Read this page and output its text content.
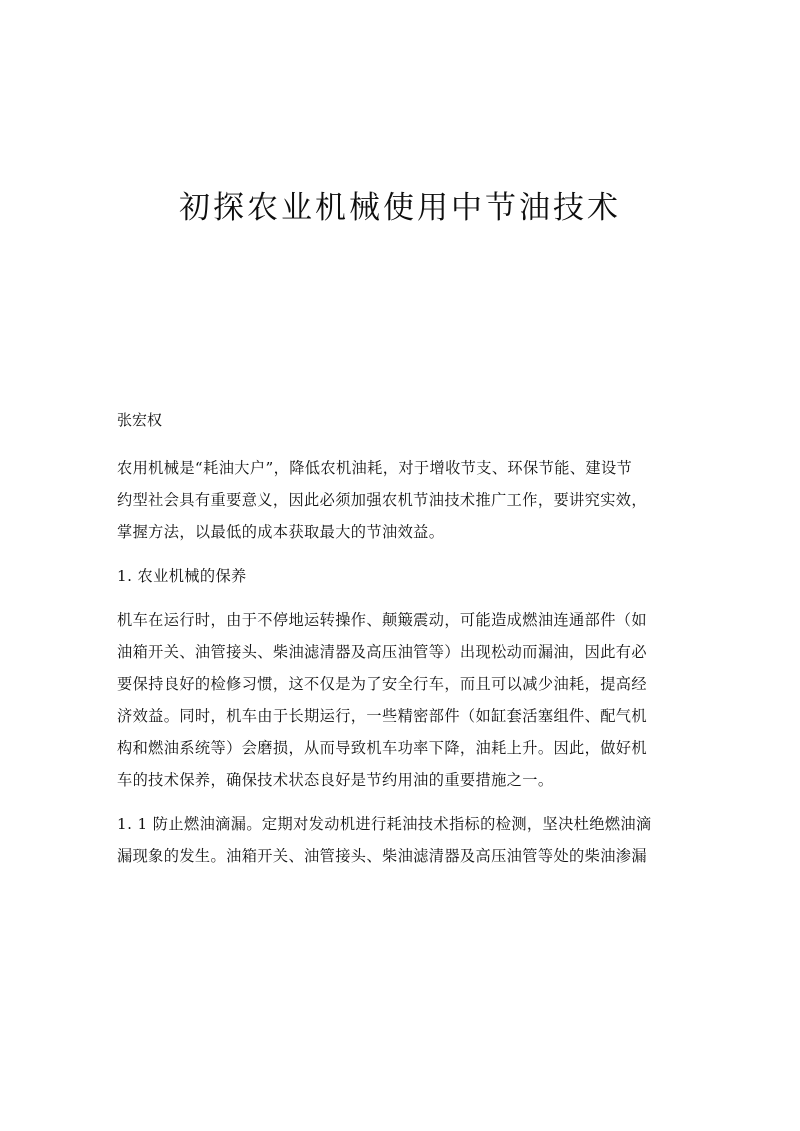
初探农业机械使用中节油技术

张宏权

农用机械是“耗油大户”，降低农机油耗，对于增收节支、环保节能、建设节
约型社会具有重要意义，因此必须加强农机节油技术推广工作，要讲究实效，
掌握方法，以最低的成本获取最大的节油效益。

1. 农业机械的保养

机车在运行时，由于不停地运转操作、颠簸震动，可能造成燃油连通部件（如
油箱开关、油管接头、柴油滤清器及高压油管等）出现松动而漏油，因此有必
要保持良好的检修习惯，这不仅是为了安全行车，而且可以减少油耗，提高经
济效益。同时，机车由于长期运行，一些精密部件（如缸套活塞组件、配气机
构和燃油系统等）会磨损，从而导致机车功率下降，油耗上升。因此，做好机
车的技术保养，确保技术状态良好是节约用油的重要措施之一。

1. 1 防止燃油滴漏。定期对发动机进行耗油技术指标的检测，坚决杜绝燃油滴
漏现象的发生。油箱开关、油管接头、柴油滤清器及高压油管等处的柴油渗漏
